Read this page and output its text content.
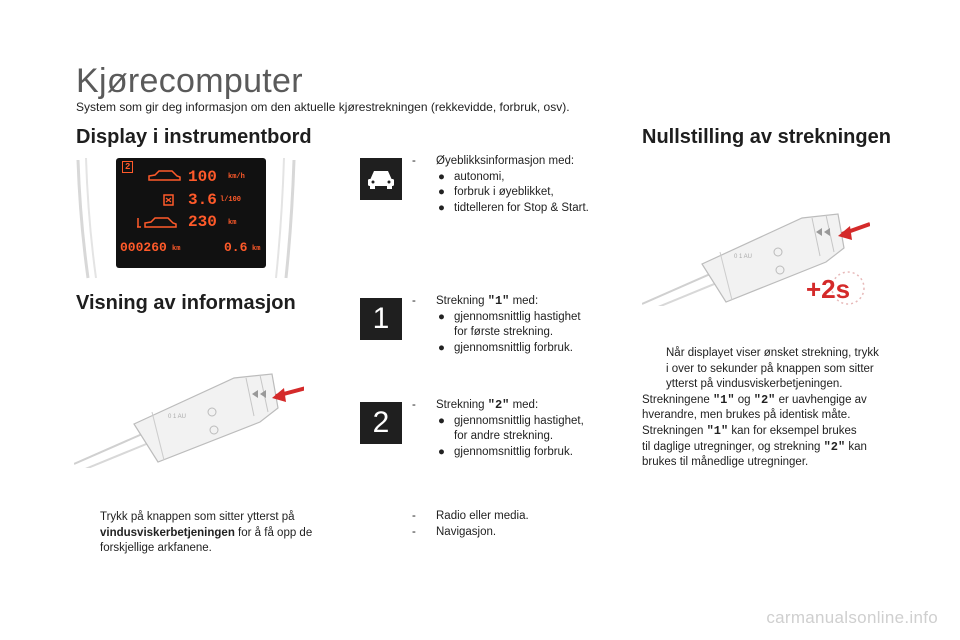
Kjørecomputer
System som gir deg informasjon om den aktuelle kjørestrekningen (rekkevidde, forbruk, osv).
Display i instrumentbord
Visning av informasjon
Nullstilling av strekningen
2
100 km/h
3.6 l/100
230 km
000260 km	0.6 km
0 1 AU
0 1 AU
+2s
1
2
-	Øyeblikksinformasjon med:
● autonomi,
● forbruk i øyeblikket,
● tidtelleren for Stop & Start.
-	Strekning "1" med:
● gjennomsnittlig hastighet
for første strekning.
● gjennomsnittlig forbruk.
-	Strekning "2" med:
● gjennomsnittlig hastighet,
for andre strekning.
● gjennomsnittlig forbruk.
-	Radio eller media.
-	Navigasjon.
Trykk på knappen som sitter ytterst på
vindusviskerbetjeningen for å få opp de
forskjellige arkfanene.
Når displayet viser ønsket strekning, trykk
i over to sekunder på knappen som sitter
ytterst på vindusviskerbetjeningen.
Strekningene "1" og "2" er uavhengige av
hverandre, men brukes på identisk måte.
Strekningen "1" kan for eksempel brukes
til daglige utregninger, og strekning "2" kan
brukes til månedlige utregninger.
carmanualsonline.info
